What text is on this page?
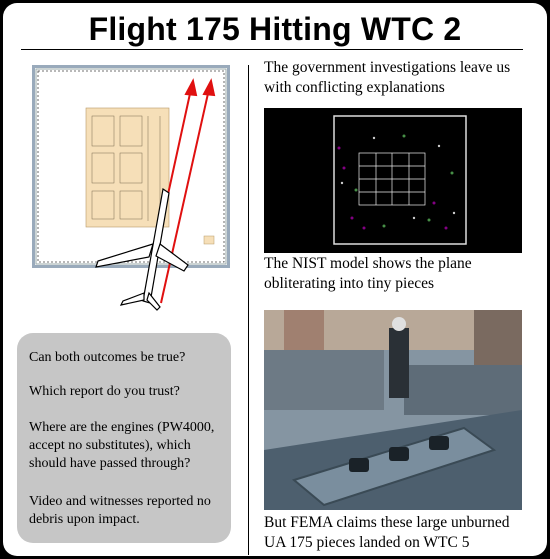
Flight 175 Hitting WTC 2

Can both outcomes be true?

Which report do you trust?

Where are the engines (PW4000, accept no substitutes), which should have passed through?

Video and witnesses reported no debris upon impact.

The government investigations leave us with conflicting explanations
The NIST model shows the plane obliterating into tiny pieces
But FEMA claims these large unburned UA 175 pieces landed on WTC 5
